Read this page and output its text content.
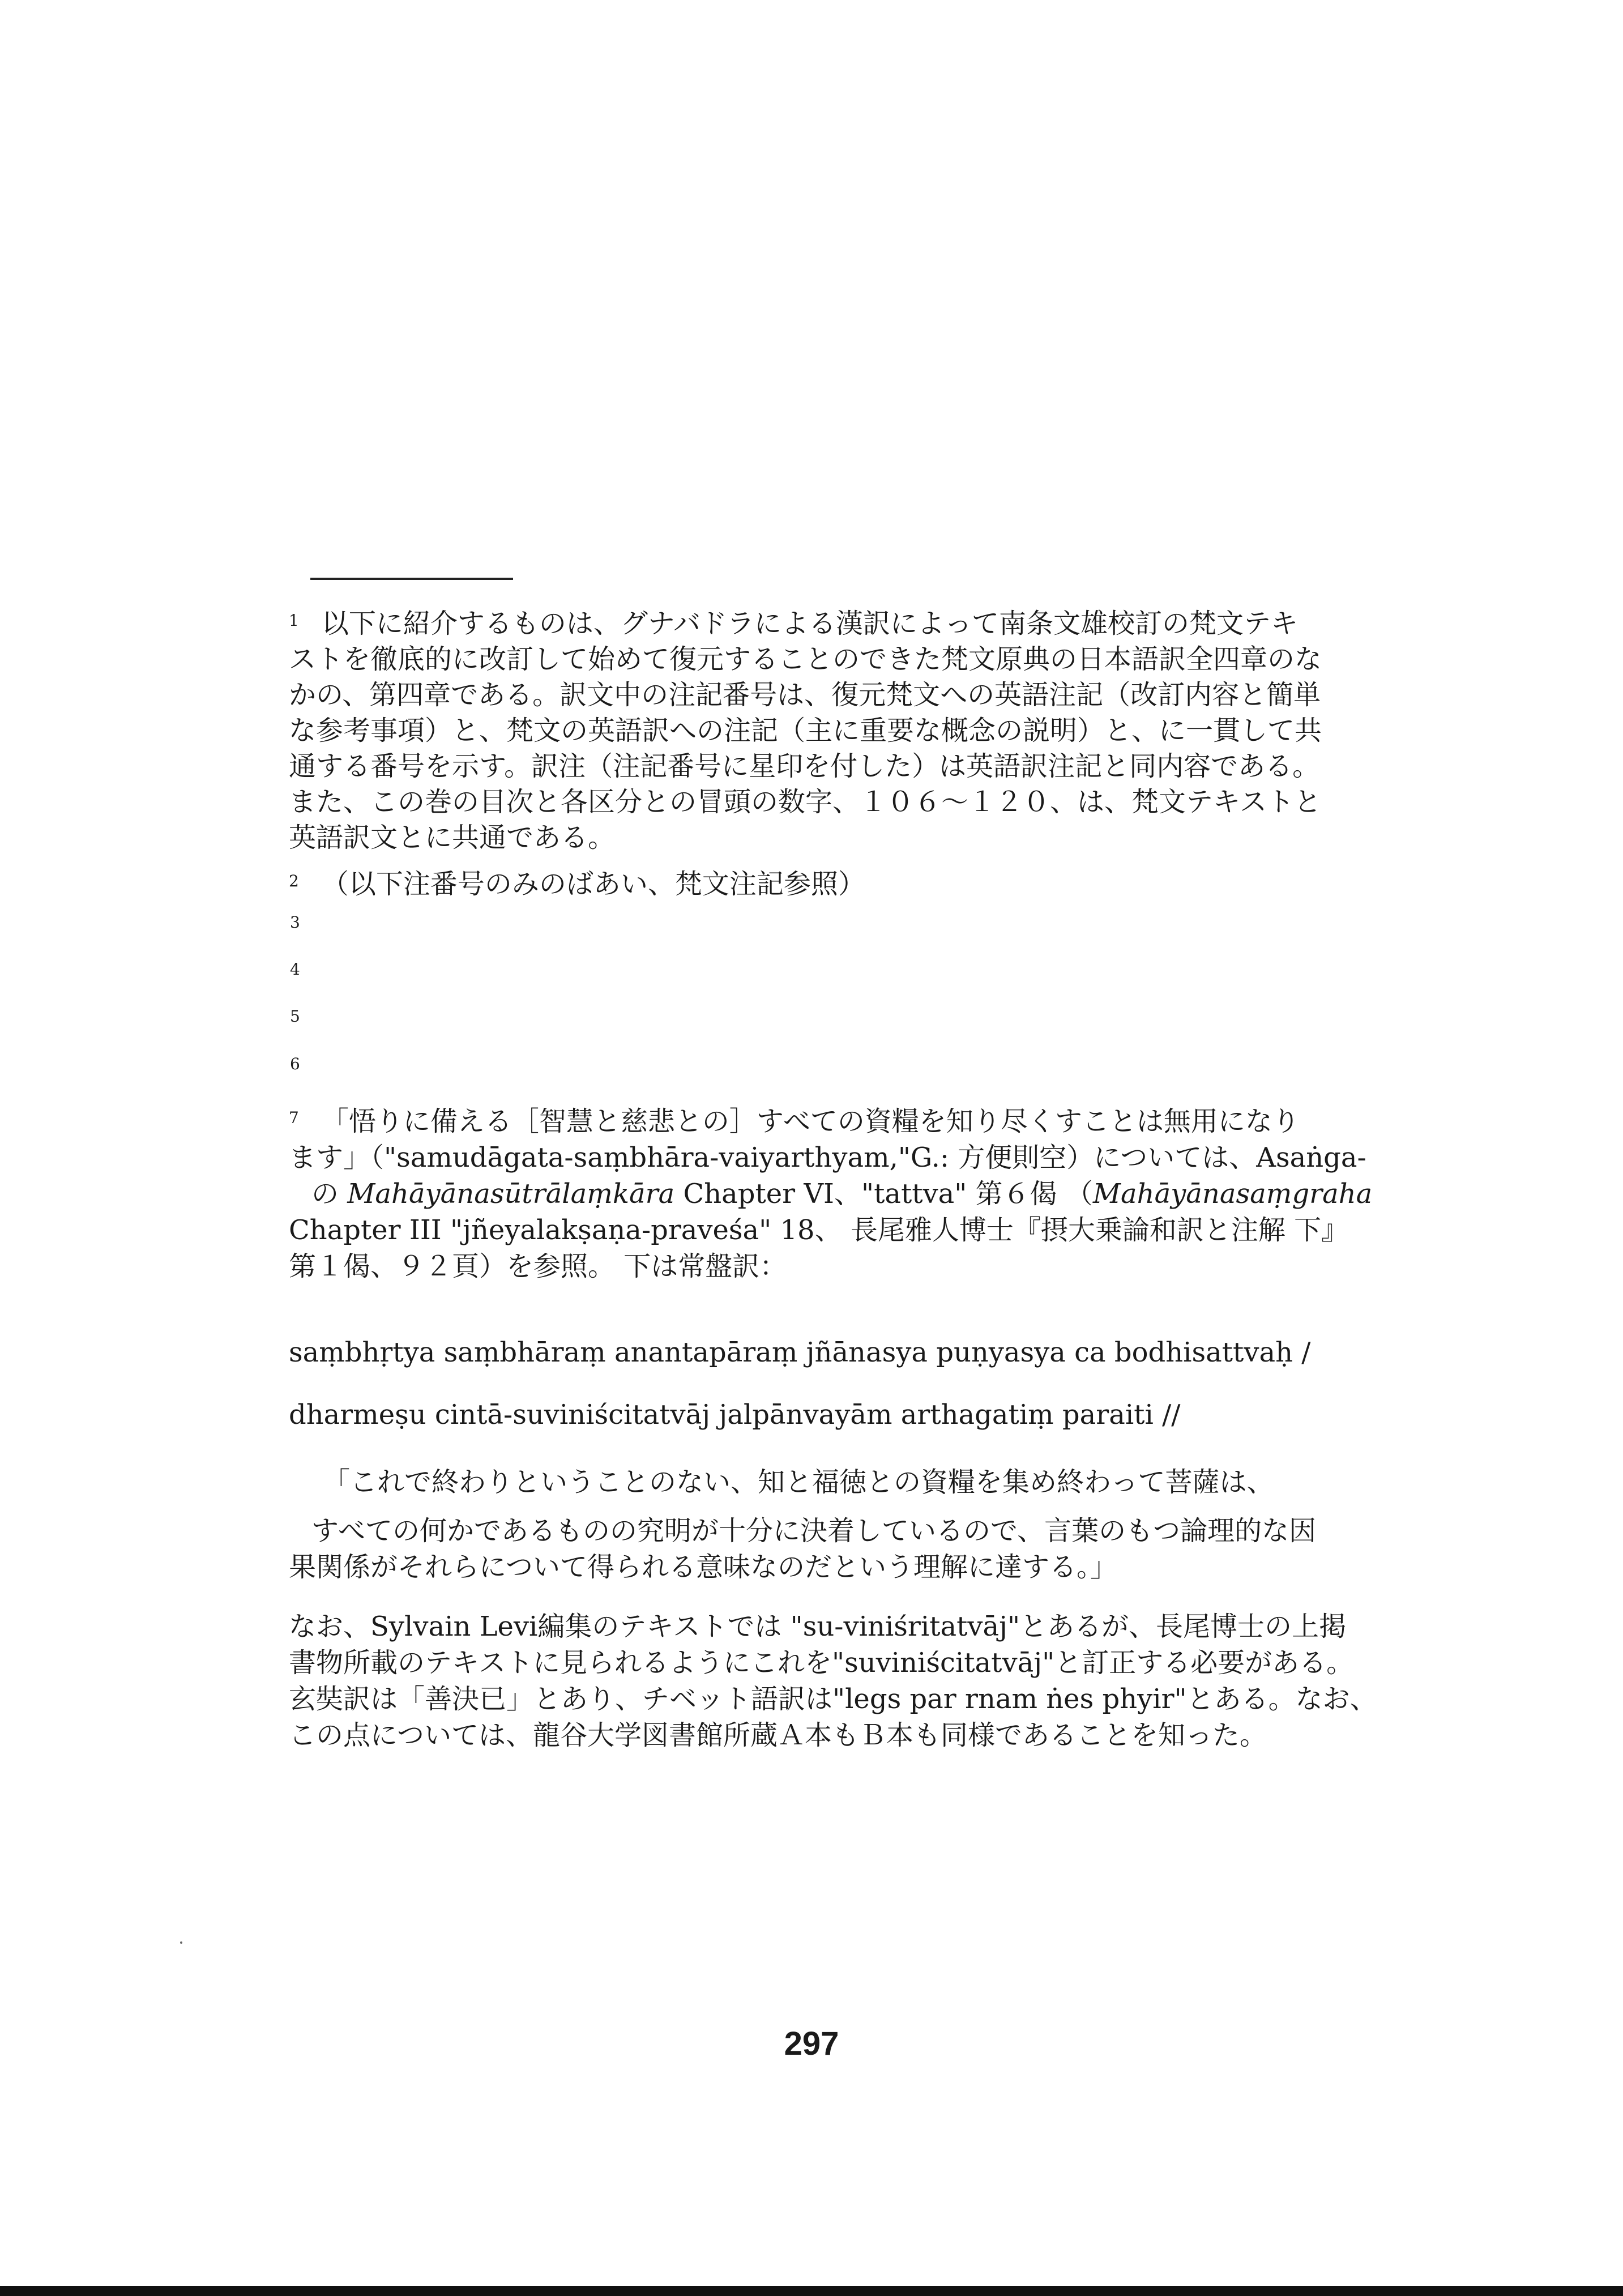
$^1$ 以下に紹介するものは、グナバドラによる漢訳によって南条文雄校訂の梵文テキ

ストを徹底的に改訂して始めて復元することのできた梵文原典の日本語訳全四章のな

かの、第四章である。訳文中の注記番号は、復元梵文への英語注記（改訂内容と簡単

な参考事項）と、梵文の英語訳への注記（主に重要な概念の説明）と、に一貫して共

通する番号を示す。訳注（注記番号に星印を付した）は英語訳注記と同内容である。

また、この巻の目次と各区分との冒頭の数字、１０６～１２０、は、梵文テキストと

英語訳文とに共通である。

$^2$ （以下注番号のみのばあい、梵文注記参照）

3
4
5
6

$^7$ 「悟りに備える［智慧と慈悲との］すべての資糧を知り尽くすことは無用になり

ます」（"samudāgata-saṃbhāra-vaiyarthyam,"G.: 方便則空）については、Asaṅga-

の Mahāyānasūtrālaṃkāra Chapter VI、"tattva" 第６偈 （Mahāyānasaṃgraha

Chapter III "jñeyalakṣaṇa-praveśa" 18、 長尾雅人博士『摂大乗論和訳と注解 下』

第１偈、９２頁）を参照。 下は常盤訳：

saṃbhṛtya saṃbhāraṃ anantapāraṃ jñānasya puṇyasya ca bodhisattvaḥ /
dharmeṣu cintā-suviniścitatvāj jalpānvayām arthagatiṃ paraiti //

「これで終わりということのない、知と福徳との資糧を集め終わって菩薩は、

すべての何かであるものの究明が十分に決着しているので、言葉のもつ論理的な因

果関係がそれらについて得られる意味なのだという理解に達する。」

なお、Sylvain Levi編集のテキストでは "su-viniśritatvāj"とあるが、長尾博士の上掲

書物所載のテキストに見られるようにこれを"suviniścitatvāj"と訂正する必要がある。

玄奘訳は「善決已」とあり、チベット語訳は"legs par rnam ṅes phyir"とある。なお、

この点については、龍谷大学図書館所蔵Ａ本もＢ本も同様であることを知った。

297
